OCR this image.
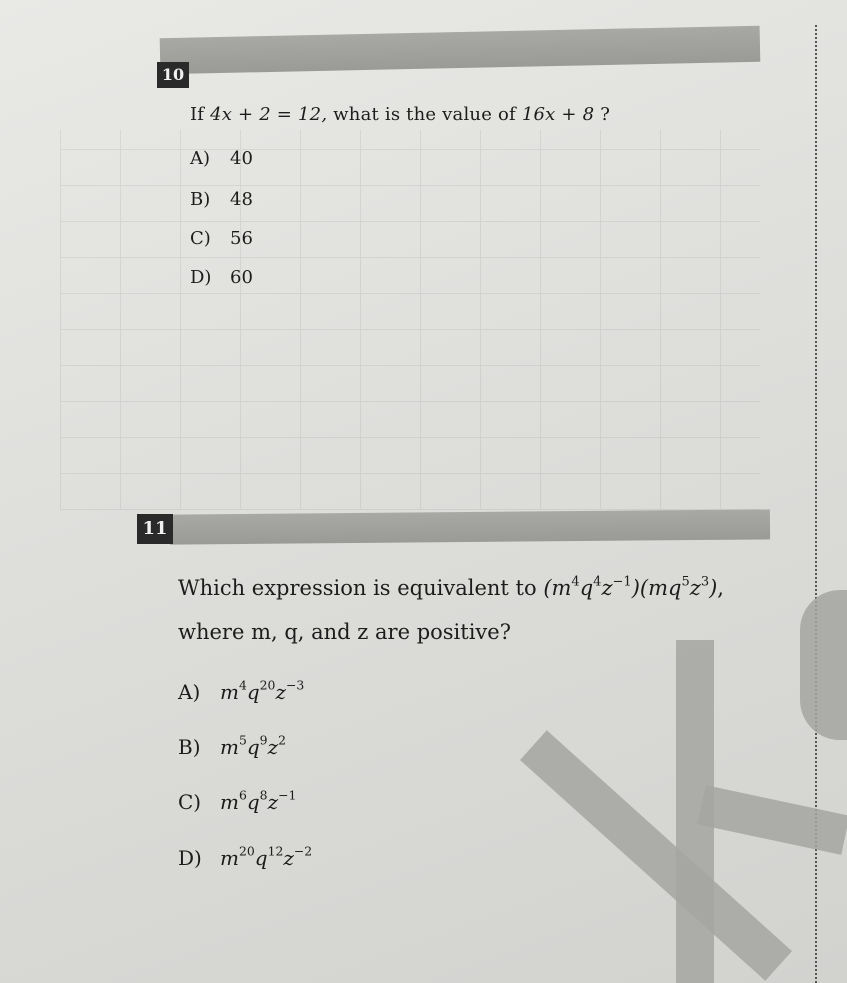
10
If 4x + 2 = 12, what is the value of 16x + 8 ?
A) 40
B) 48
C) 56
D) 60
11
Which expression is equivalent to $(m^4q^4z^{-1})(mq^5z^3)$,
where m, q, and z are positive?
A) $m^4q^{20}z^{-3}$
B) $m^5q^9z^2$
C) $m^6q^8z^{-1}$
D) $m^{20}q^{12}z^{-2}$
